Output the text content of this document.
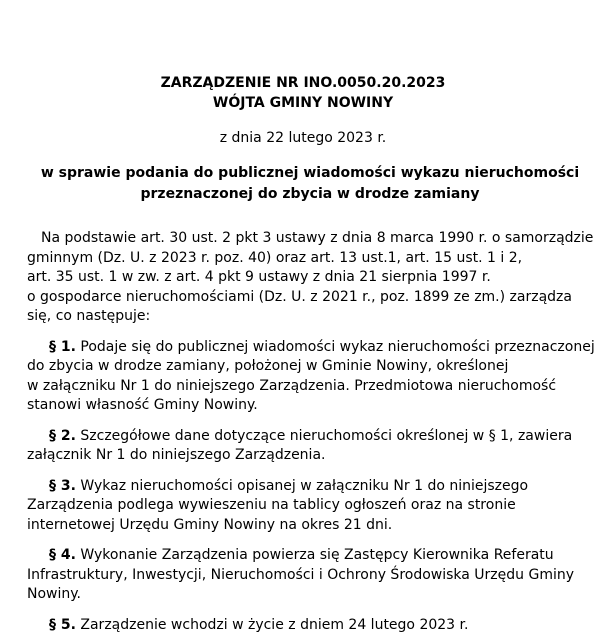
ZARZĄDZENIE NR INO.0050.20.2023
WÓJTA GMINY NOWINY
z dnia 22 lutego 2023 r.
w sprawie podania do publicznej wiadomości wykazu nieruchomości
przeznaczonej do zbycia w drodze zamiany
Na podstawie art. 30 ust. 2 pkt 3 ustawy z dnia 8 marca 1990 r. o samorządzie
gminnym (Dz. U. z 2023 r. poz. 40) oraz art. 13 ust.1, art. 15 ust. 1 i 2,
art. 35 ust. 1 w zw. z art. 4 pkt 9 ustawy z dnia 21 sierpnia 1997 r.
o gospodarce nieruchomościami (Dz. U. z 2021 r., poz. 1899 ze zm.) zarządza
się, co następuje:
§ 1. Podaje się do publicznej wiadomości wykaz nieruchomości przeznaczonej
do zbycia w drodze zamiany, położonej w Gminie Nowiny, określonej
w załączniku Nr 1 do niniejszego Zarządzenia. Przedmiotowa nieruchomość
stanowi własność Gminy Nowiny.
§ 2. Szczegółowe dane dotyczące nieruchomości określonej w § 1, zawiera
załącznik Nr 1 do niniejszego Zarządzenia.
§ 3. Wykaz nieruchomości opisanej w załączniku Nr 1 do niniejszego
Zarządzenia podlega wywieszeniu na tablicy ogłoszeń oraz na stronie
internetowej Urzędu Gminy Nowiny na okres 21 dni.
§ 4. Wykonanie Zarządzenia powierza się Zastępcy Kierownika Referatu
Infrastruktury, Inwestycji, Nieruchomości i Ochrony Środowiska Urzędu Gminy
Nowiny.
§ 5. Zarządzenie wchodzi w życie z dniem 24 lutego 2023 r.
